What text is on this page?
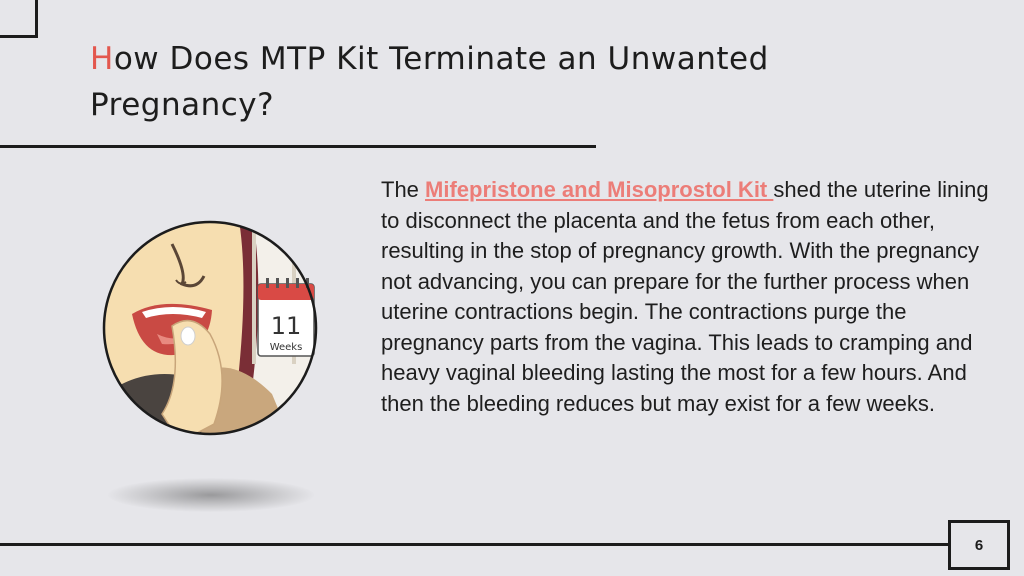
How Does MTP Kit Terminate an Unwanted Pregnancy?
11
Weeks

The Mifepristone and Misoprostol Kit shed the uterine lining to disconnect the placenta and the fetus from each other, resulting in the stop of pregnancy growth. With the pregnancy not advancing, you can prepare for the further process when uterine contractions begin. The contractions purge the pregnancy parts from the vagina. This leads to cramping and heavy vaginal bleeding lasting the most for a few hours. And then the bleeding reduces but may exist for a few weeks.

6
